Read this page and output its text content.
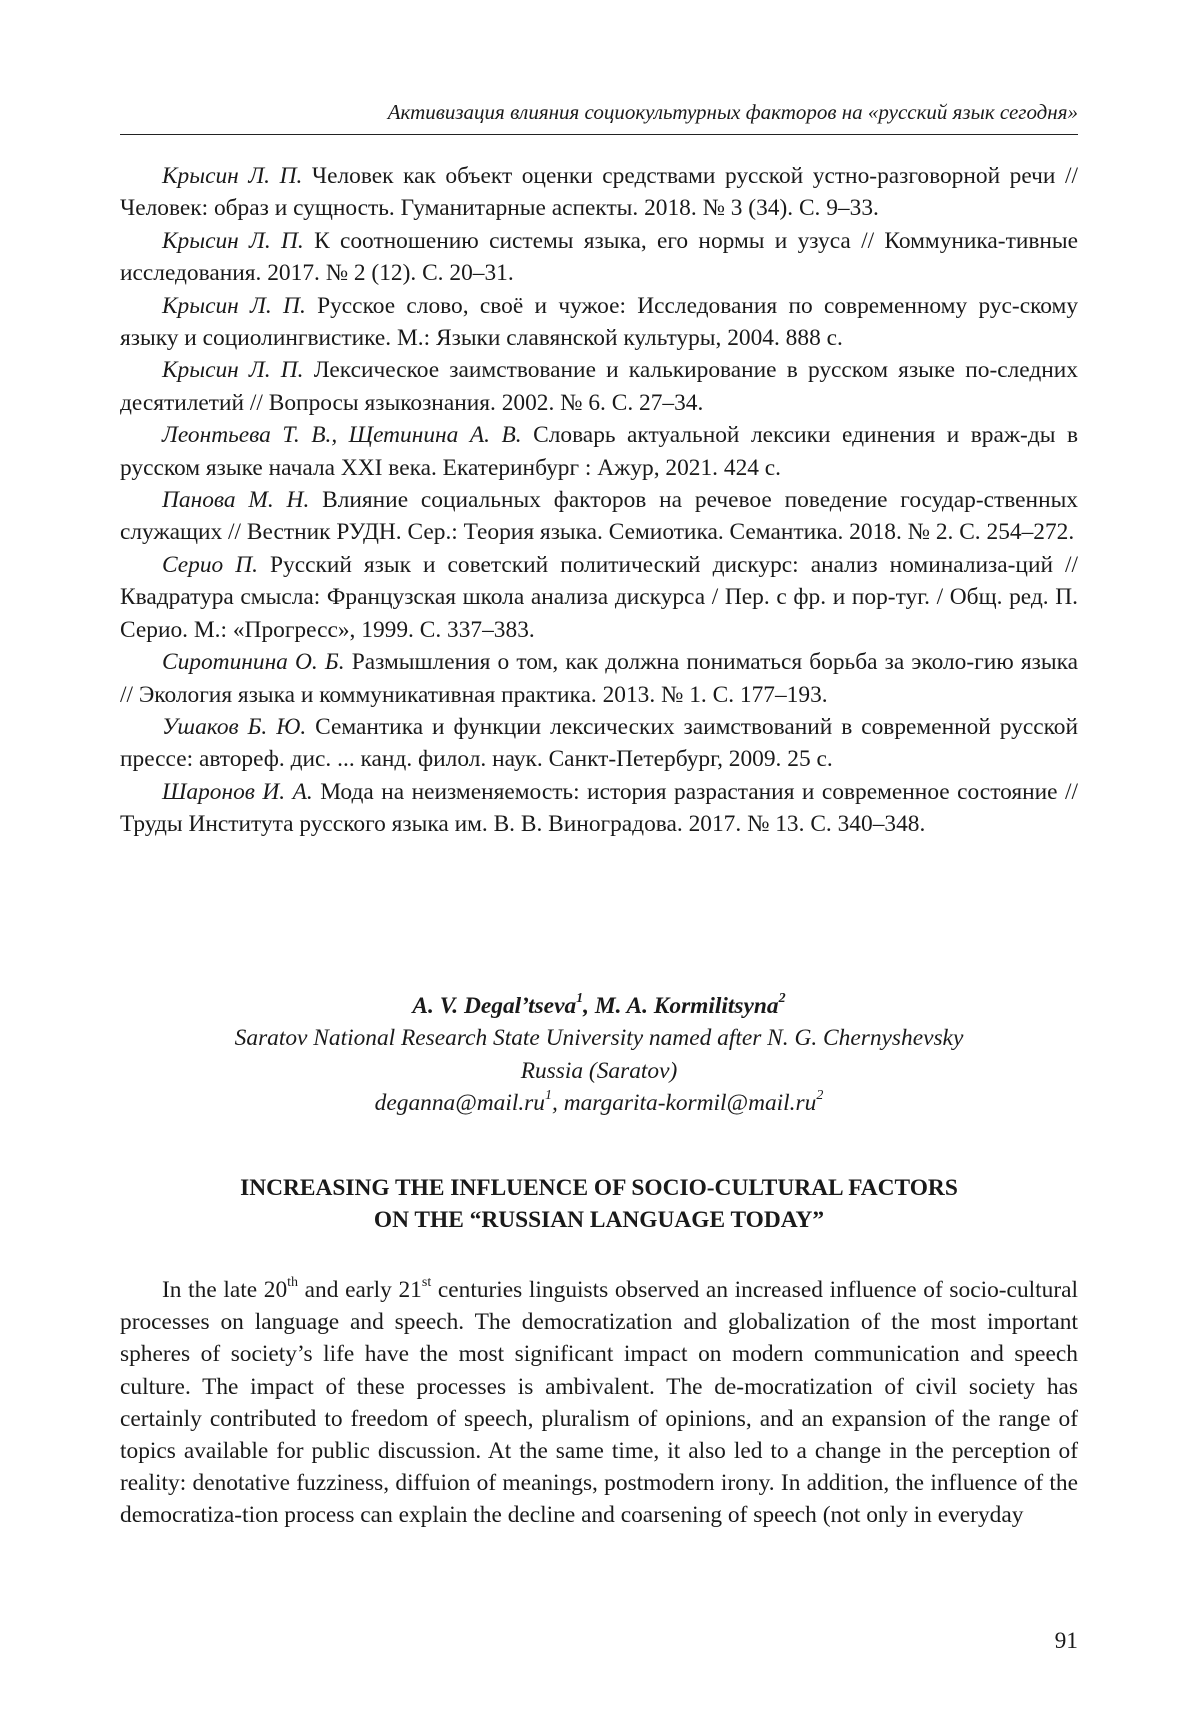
Активизация влияния социокультурных факторов на «русский язык сегодня»

Крысин Л. П. Человек как объект оценки средствами русской устно-разговорной речи // Человек: образ и сущность. Гуманитарные аспекты. 2018. № 3 (34). С. 9–33.

Крысин Л. П. К соотношению системы языка, его нормы и узуса // Коммуника-тивные исследования. 2017. № 2 (12). С. 20–31.

Крысин Л. П. Русское слово, своё и чужое: Исследования по современному рус-скому языку и социолингвистике. М.: Языки славянской культуры, 2004. 888 с.

Крысин Л. П. Лексическое заимствование и калькирование в русском языке по-следних десятилетий // Вопросы языкознания. 2002. № 6. С. 27–34.

Леонтьева Т. В., Щетинина А. В. Словарь актуальной лексики единения и враж-ды в русском языке начала XXI века. Екатеринбург : Ажур, 2021. 424 с.

Панова М. Н. Влияние социальных факторов на речевое поведение государ-ственных служащих // Вестник РУДН. Сер.: Теория языка. Семиотика. Семантика. 2018. № 2. С. 254–272.

Серио П. Русский язык и советский политический дискурс: анализ номинализа-ций // Квадратура смысла: Французская школа анализа дискурса / Пер. с фр. и пор-туг. / Общ. ред. П. Серио. М.: «Прогресс», 1999. С. 337–383.

Сиротинина О. Б. Размышления о том, как должна пониматься борьба за эколо-гию языка // Экология языка и коммуникативная практика. 2013. № 1. С. 177–193.

Ушаков Б. Ю. Семантика и функции лексических заимствований в современной русской прессе: автореф. дис. ... канд. филол. наук. Санкт-Петербург, 2009. 25 с.

Шаронов И. А. Мода на неизменяемость: история разрастания и современное состояние // Труды Института русского языка им. В. В. Виноградова. 2017. № 13. С. 340–348.

A. V. Degal’tseva$^1$, M. A. Kormilitsyna$^2$
Saratov National Research State University named after N. G. Chernyshevsky
Russia (Saratov)
$deganna@mail.ru^1$, margarita-$kormil@mail.ru^2$
INCREASING THE INFLUENCE OF SOCIO-CULTURAL FACTORS
ON THE “RUSSIAN LANGUAGE TODAY”

In the late 20th and early 21st centuries linguists observed an increased influence of socio-cultural processes on language and speech. The democratization and globalization of the most important spheres of society’s life have the most significant impact on modern communication and speech culture. The impact of these processes is ambivalent. The de-mocratization of civil society has certainly contributed to freedom of speech, pluralism of opinions, and an expansion of the range of topics available for public discussion. At the same time, it also led to a change in the perception of reality: denotative fuzziness, diffuion of meanings, postmodern irony. In addition, the influence of the democratiza-tion process can explain the decline and coarsening of speech (not only in everyday

91
